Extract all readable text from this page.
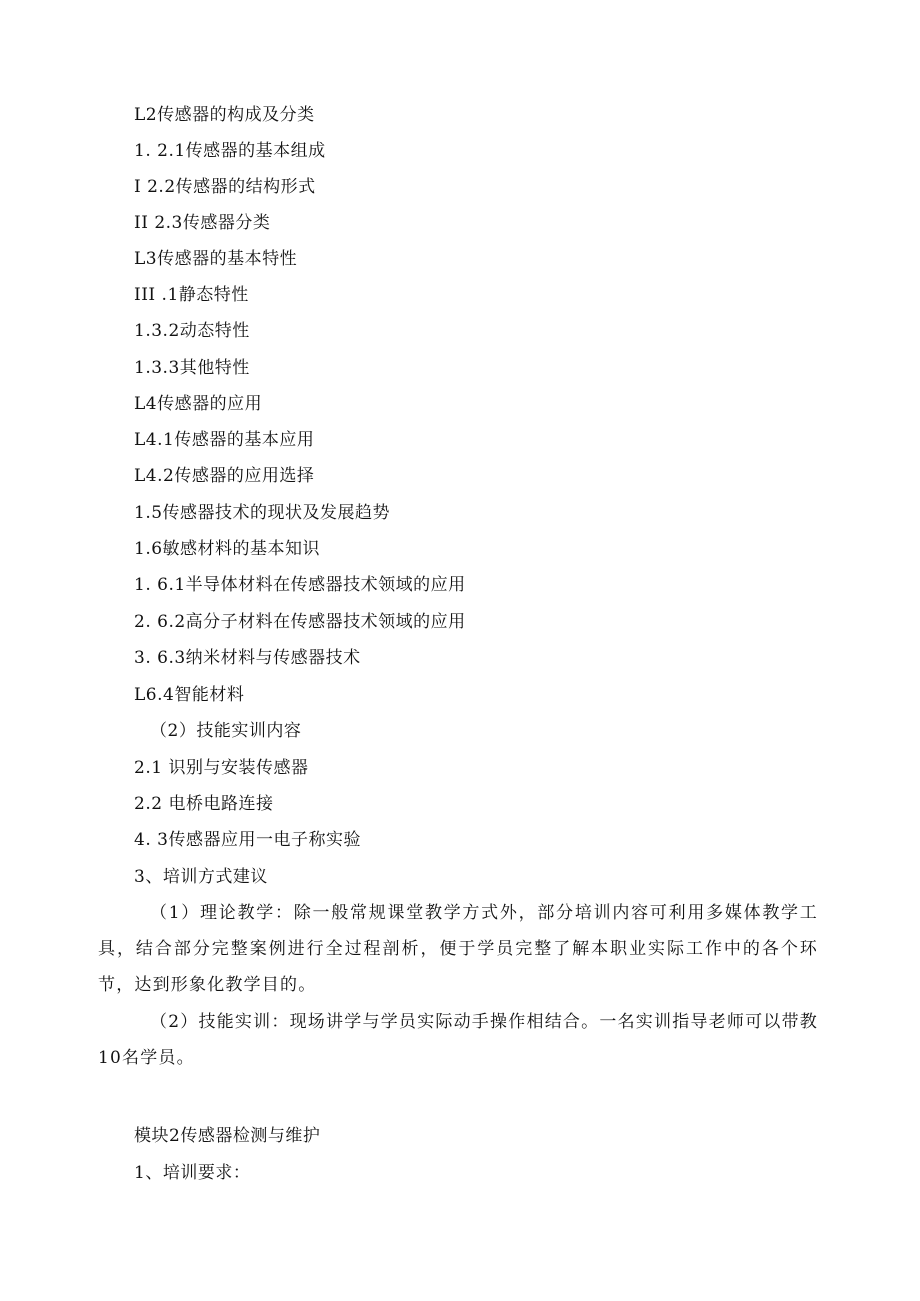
L2传感器的构成及分类
1. 2.1传感器的基本组成
I 2.2传感器的结构形式
II 2.3传感器分类
L3传感器的基本特性
III .1静态特性
1.3.2动态特性
1.3.3其他特性
L4传感器的应用
L4.1传感器的基本应用
L4.2传感器的应用选择
1.5传感器技术的现状及发展趋势
1.6敏感材料的基本知识
1. 6.1半导体材料在传感器技术领域的应用
2. 6.2高分子材料在传感器技术领域的应用
3. 6.3纳米材料与传感器技术
L6.4智能材料
（2）技能实训内容
2.1 识别与安装传感器
2.2 电桥电路连接
4. 3传感器应用一电子称实验
3、培训方式建议

（1）理论教学：除一般常规课堂教学方式外，部分培训内容可利用多媒体教学工具，结合部分完整案例进行全过程剖析，便于学员完整了解本职业实际工作中的各个环节，达到形象化教学目的。

（2）技能实训：现场讲学与学员实际动手操作相结合。一名实训指导老师可以带教10名学员。

模块2传感器检测与维护
1、培训要求：
